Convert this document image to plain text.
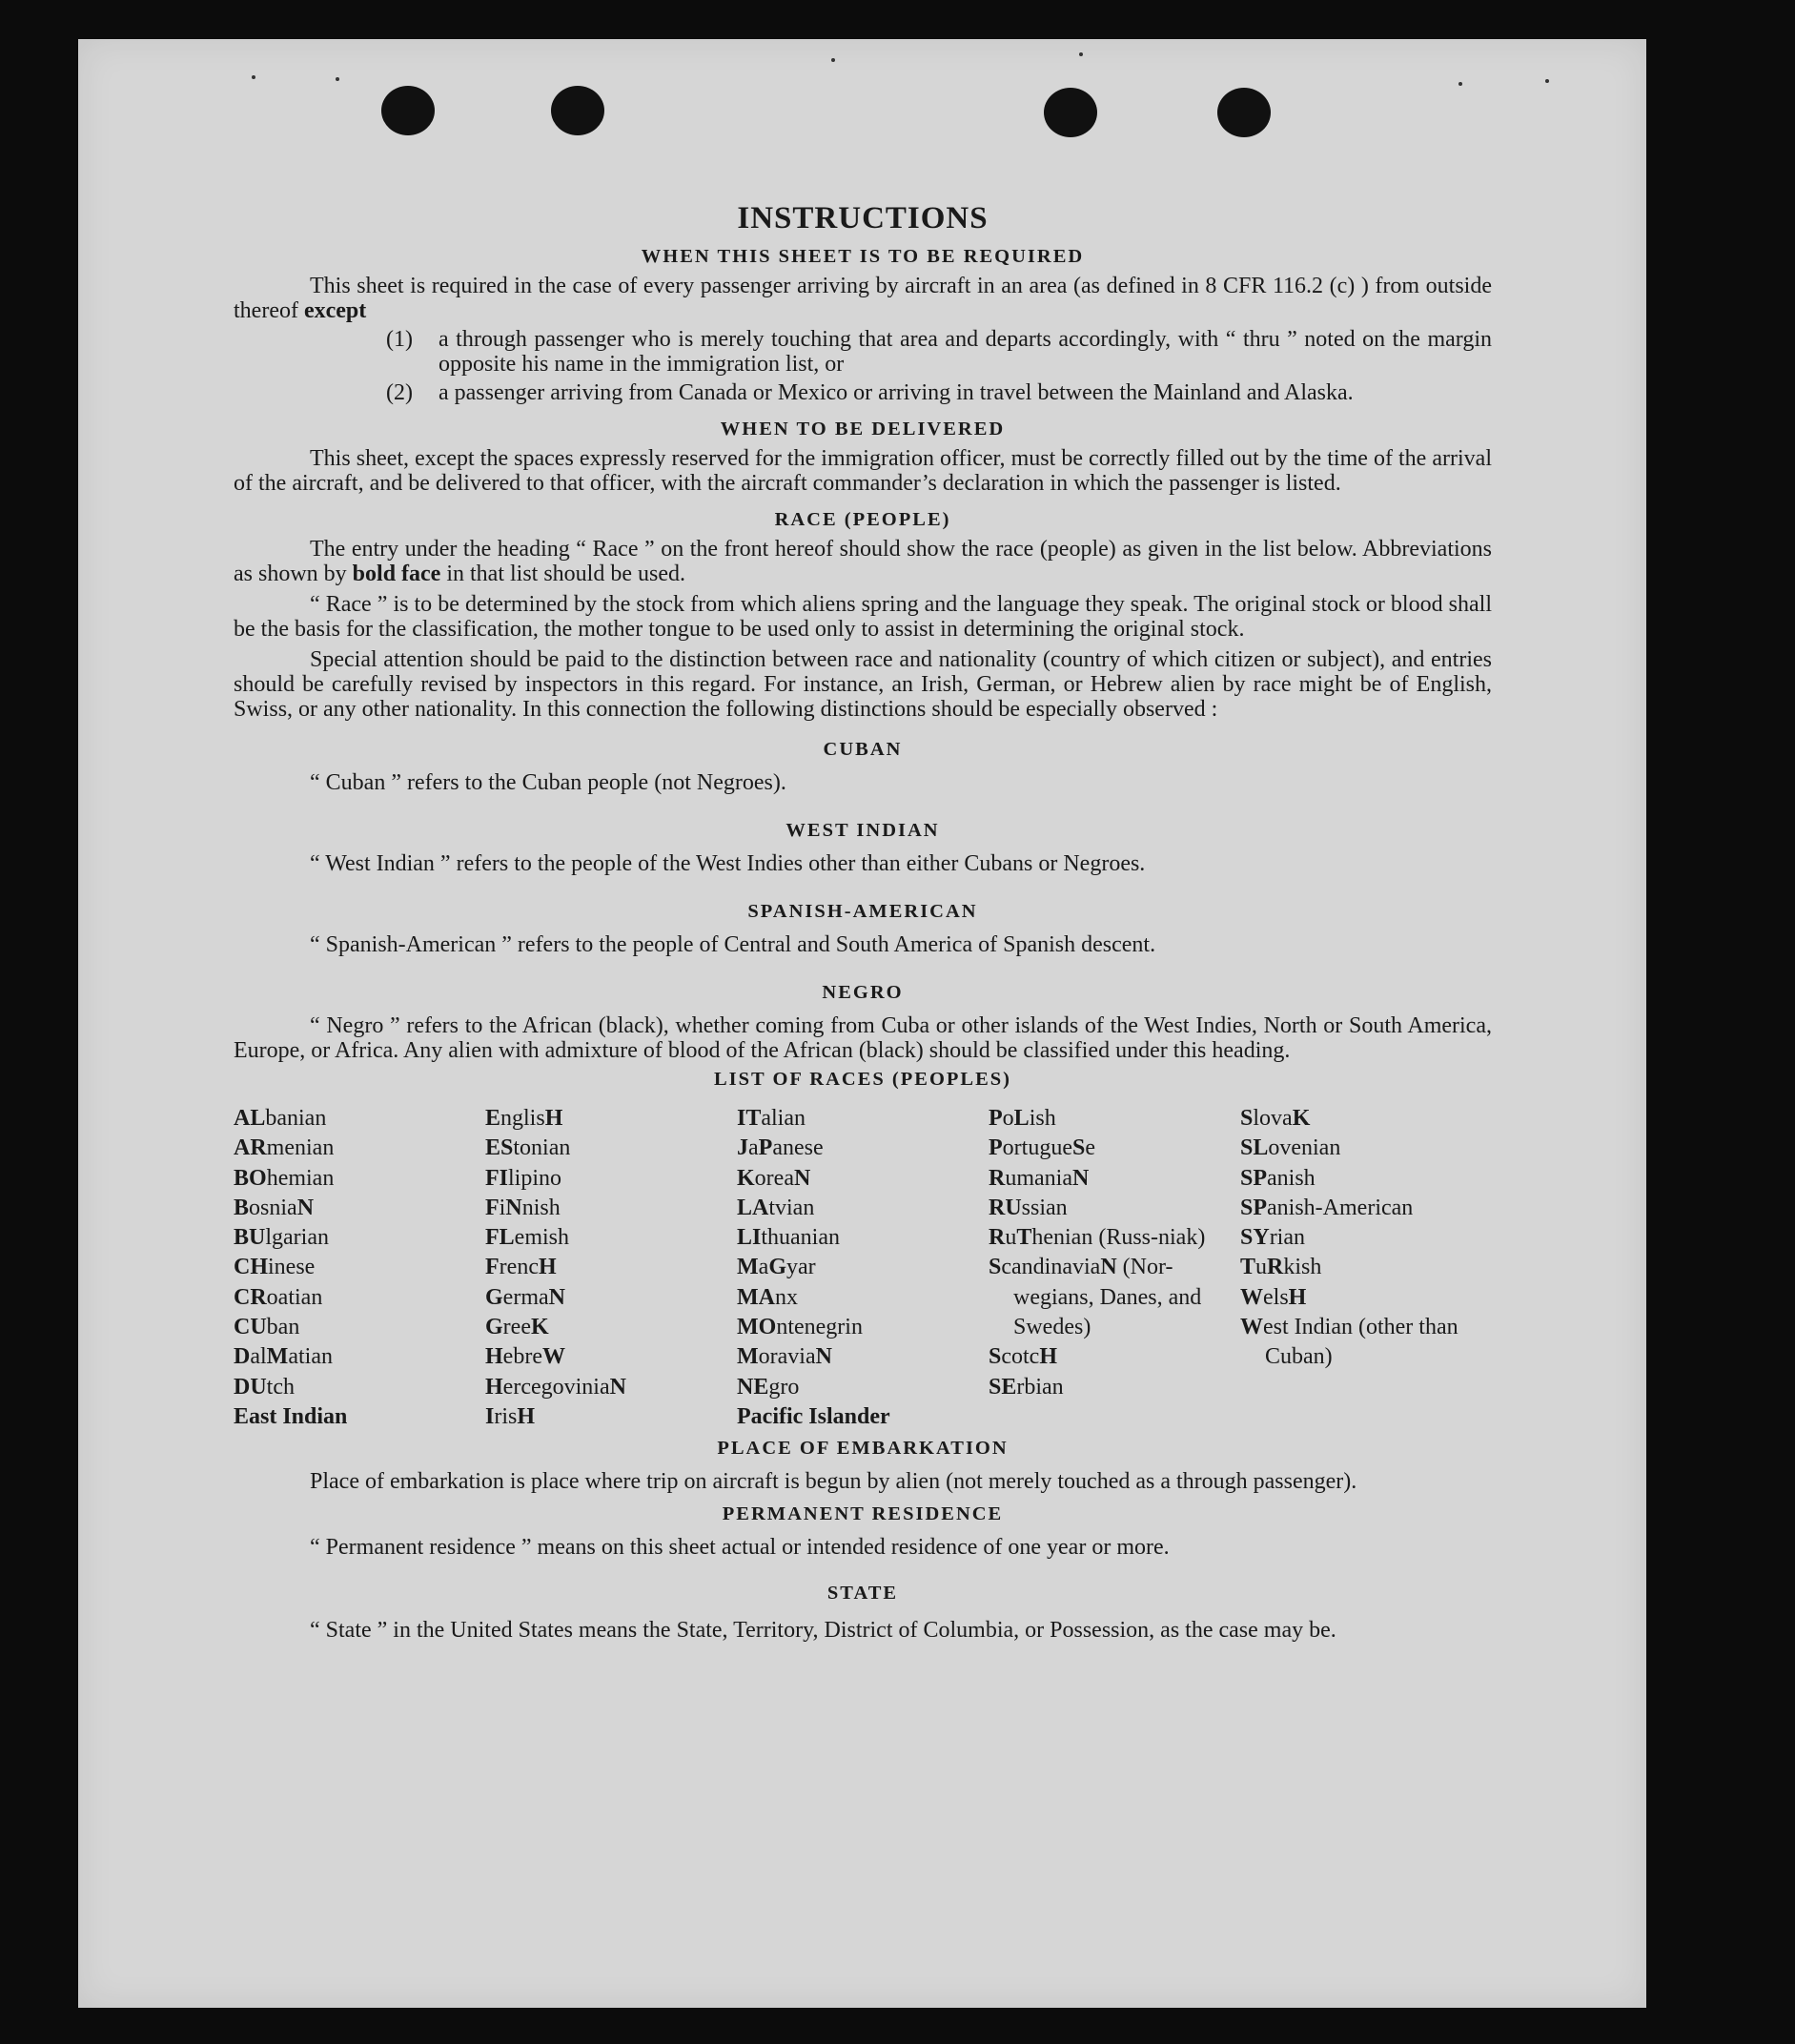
INSTRUCTIONS
WHEN THIS SHEET IS TO BE REQUIRED

This sheet is required in the case of every passenger arriving by aircraft in an area (as defined in 8 CFR 116.2 (c) ) from outside thereof except

(1)	a through passenger who is merely touching that area and departs accordingly, with “ thru ” noted on the margin opposite his name in the immigration list, or
(2)	a passenger arriving from Canada or Mexico or arriving in travel between the Mainland and Alaska.
WHEN TO BE DELIVERED

This sheet, except the spaces expressly reserved for the immigration officer, must be correctly filled out by the time of the arrival of the aircraft, and be delivered to that officer, with the aircraft commander’s declaration in which the passenger is listed.

RACE (PEOPLE)

The entry under the heading “ Race ” on the front hereof should show the race (people) as given in the list below. Abbreviations as shown by bold face in that list should be used.

“ Race ” is to be determined by the stock from which aliens spring and the language they speak. The original stock or blood shall be the basis for the classification, the mother tongue to be used only to assist in determining the original stock.

Special attention should be paid to the distinction between race and nationality (country of which citizen or subject), and entries should be carefully revised by inspectors in this regard. For instance, an Irish, German, or Hebrew alien by race might be of English, Swiss, or any other nationality. In this connection the following distinctions should be especially observed :

CUBAN
“ Cuban ” refers to the Cuban people (not Negroes).
WEST INDIAN
“ West Indian ” refers to the people of the West Indies other than either Cubans or Negroes.
SPANISH-AMERICAN
“ Spanish-American ” refers to the people of Central and South America of Spanish descent.
NEGRO

“ Negro ” refers to the African (black), whether coming from Cuba or other islands of the West Indies, North or South America, Europe, or Africa. Any alien with admixture of blood of the African (black) should be classified under this heading.

LIST OF RACES (PEOPLES)
ALbanian
ARmenian
BOhemian
BosniaN
BUlgarian
CHinese
CRoatian
CUban
DalMatian
DUtch
East Indian
EnglisH
EStonian
FIlipino
FiNnish
FLemish
FrencH
GermaN
GreeK
HebreW
HercegoviniaN
IrisH
ITalian
JaPanese
KoreaN
LAtvian
LIthuanian
MaGyar
MAnx
MOntenegrin
MoraviaN
NEgro
Pacific Islander
PoLish
PortugueSe
RumaniaN
RUssian
RuThenian (Russ-niak)
ScandinaviaN (Nor-wegians, Danes, and Swedes)
ScotcH
SErbian
SlovaK
SLovenian
SPanish
SPanish-American
SYrian
TuRkish
WelsH
West Indian (other than Cuban)
PLACE OF EMBARKATION

Place of embarkation is place where trip on aircraft is begun by alien (not merely touched as a through passenger).

PERMANENT RESIDENCE
“ Permanent residence ” means on this sheet actual or intended residence of one year or more.
STATE

“ State ” in the United States means the State, Territory, District of Columbia, or Possession, as the case may be.
